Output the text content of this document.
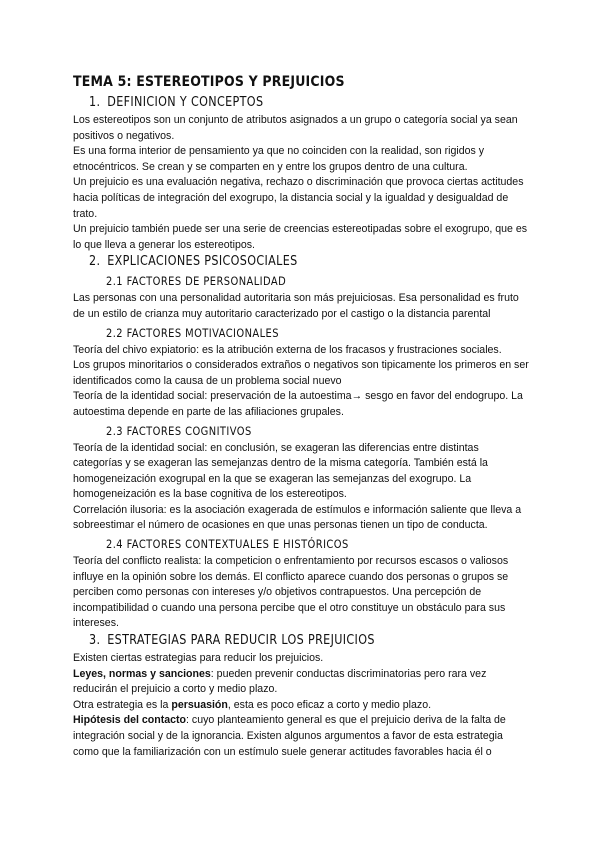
TEMA 5: ESTEREOTIPOS Y PREJUICIOS
1. DEFINICION Y CONCEPTOS

Los estereotipos son un conjunto de atributos asignados a un grupo o categoría social ya sean positivos o negativos.

Es una forma interior de pensamiento ya que no coinciden con la realidad, son rigidos y etnocéntricos. Se crean y se comparten en y entre los grupos dentro de una cultura.

Un prejuicio es una evaluación negativa, rechazo o discriminación que provoca ciertas actitudes hacia políticas de integración del exogrupo, la distancia social y la igualdad y desigualdad de trato.

Un prejuicio también puede ser una serie de creencias estereotipadas sobre el exogrupo, que es lo que lleva a generar los estereotipos.

2. EXPLICACIONES PSICOSOCIALES
2.1 FACTORES DE PERSONALIDAD

Las personas con una personalidad autoritaria son más prejuiciosas. Esa personalidad es fruto de un estilo de crianza muy autoritario caracterizado por el castigo o la distancia parental

2.2 FACTORES MOTIVACIONALES

Teoría del chivo expiatorio: es la atribución externa de los fracasos y frustraciones sociales.

Los grupos minoritarios o considerados extraños o negativos son tipicamente los primeros en ser identificados como la causa de un problema social nuevo

Teoría de la identidad social: preservación de la autoestima→ sesgo en favor del endogrupo. La autoestima depende en parte de las afiliaciones grupales.

2.3 FACTORES COGNITIVOS

Teoría de la identidad social: en conclusión, se exageran las diferencias entre distintas categorías y se exageran las semejanzas dentro de la misma categoría. También está la homogeneización exogrupal en la que se exageran las semejanzas del exogrupo. La homogeneización es la base cognitiva de los estereotipos.

Correlación ilusoria: es la asociación exagerada de estímulos e información saliente que lleva a sobreestimar el número de ocasiones en que unas personas tienen un tipo de conducta.

2.4 FACTORES CONTEXTUALES E HISTÓRICOS

Teoría del conflicto realista: la competicion o enfrentamiento por recursos escasos o valiosos influye en la opinión sobre los demás. El conflicto aparece cuando dos personas o grupos se perciben como personas con intereses y/o objetivos contrapuestos. Una percepción de incompatibilidad o cuando una persona percibe que el otro constituye un obstáculo para sus intereses.

3. ESTRATEGIAS PARA REDUCIR LOS PREJUICIOS

Existen ciertas estrategias para reducir los prejuicios.

Leyes, normas y sanciones: pueden prevenir conductas discriminatorias pero rara vez reducirán el prejuicio a corto y medio plazo.

Otra estrategia es la persuasión, esta es poco eficaz a corto y medio plazo.

Hipótesis del contacto: cuyo planteamiento general es que el prejuicio deriva de la falta de integración social y de la ignorancia. Existen algunos argumentos a favor de esta estrategia como que la familiarización con un estímulo suele generar actitudes favorables hacia él o
